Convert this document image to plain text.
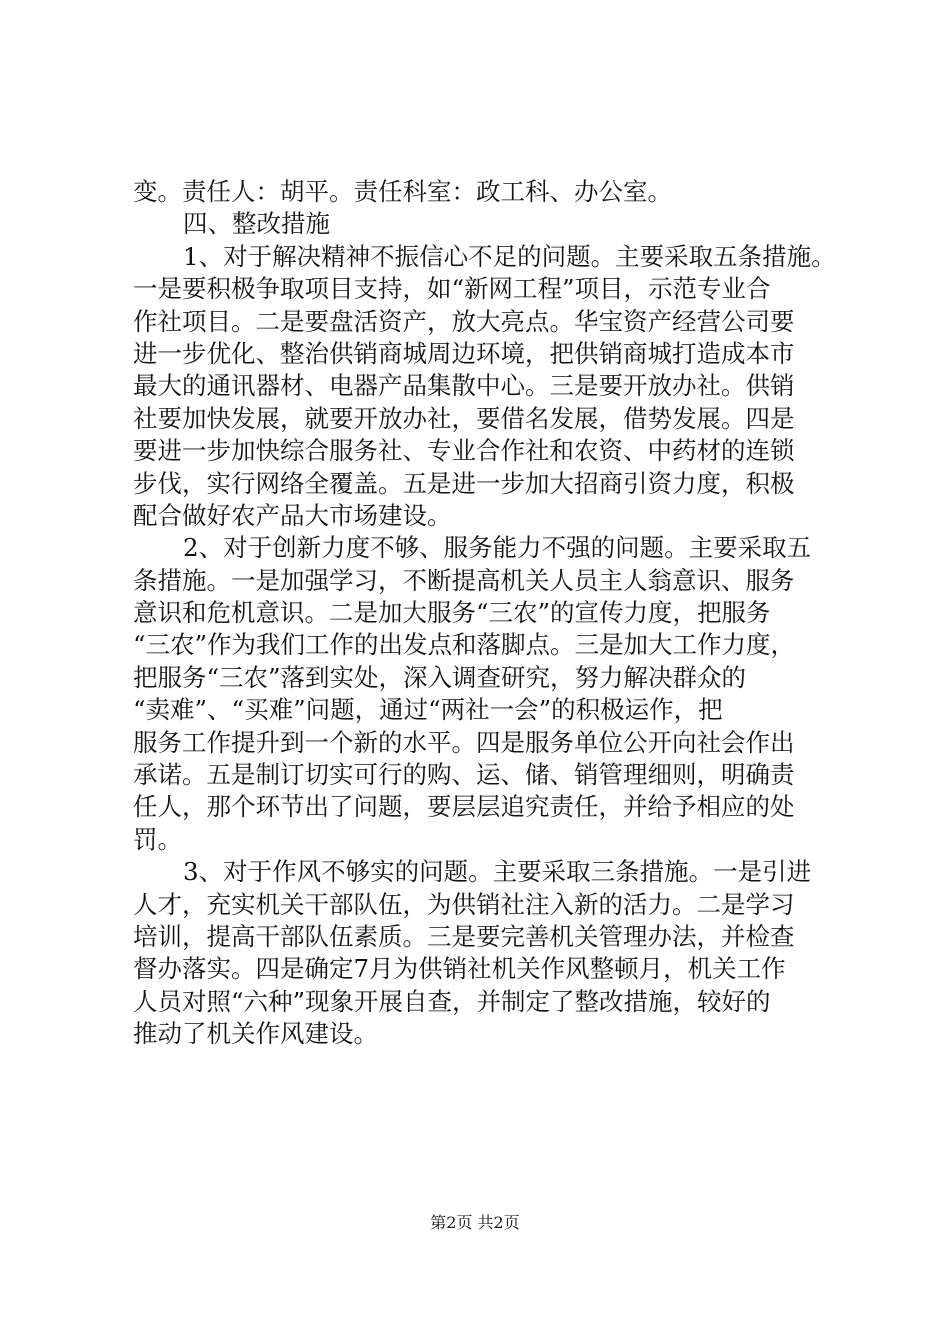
变。责任人：胡平。责任科室：政工科、办公室。
四、整改措施
1、对于解决精神不振信心不足的问题。主要采取五条措施。
一是要积极争取项目支持，如“新网工程”项目，示范专业合
作社项目。二是要盘活资产，放大亮点。华宝资产经营公司要
进一步优化、整治供销商城周边环境，把供销商城打造成本市
最大的通讯器材、电器产品集散中心。三是要开放办社。供销
社要加快发展，就要开放办社，要借名发展，借势发展。四是
要进一步加快综合服务社、专业合作社和农资、中药材的连锁
步伐，实行网络全覆盖。五是进一步加大招商引资力度，积极
配合做好农产品大市场建设。
2、对于创新力度不够、服务能力不强的问题。主要采取五
条措施。一是加强学习，不断提高机关人员主人翁意识、服务
意识和危机意识。二是加大服务“三农”的宣传力度，把服务
“三农”作为我们工作的出发点和落脚点。三是加大工作力度，
把服务“三农”落到实处，深入调查研究，努力解决群众的
“卖难”、“买难”问题，通过“两社一会”的积极运作，把
服务工作提升到一个新的水平。四是服务单位公开向社会作出
承诺。五是制订切实可行的购、运、储、销管理细则，明确责
任人，那个环节出了问题，要层层追究责任，并给予相应的处
罚。
3、对于作风不够实的问题。主要采取三条措施。一是引进
人才，充实机关干部队伍，为供销社注入新的活力。二是学习
培训，提高干部队伍素质。三是要完善机关管理办法，并检查
督办落实。四是确定7月为供销社机关作风整顿月，机关工作
人员对照“六种”现象开展自查，并制定了整改措施，较好的
推动了机关作风建设。
第2页 共2页
